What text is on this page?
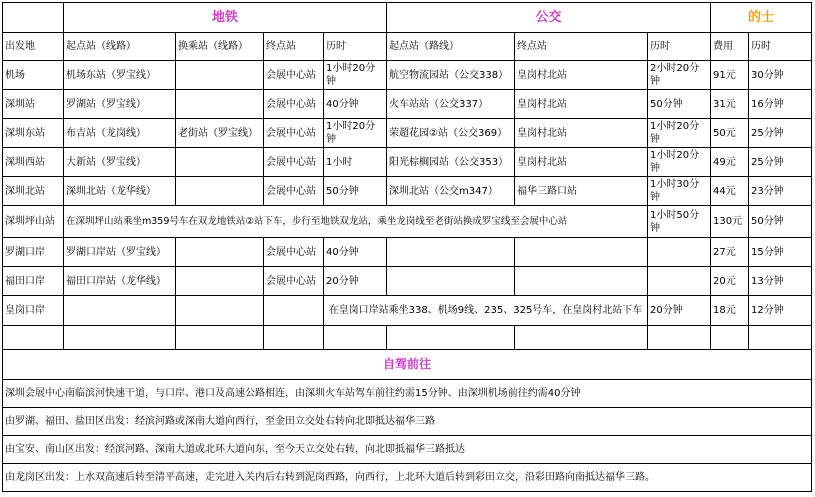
	地铁				公交			的士	
出发地	起点站（线路）	换乘站（线路）	终点站	历时	起点站（路线）	终点站	历时	费用	历时
机场	机场东站（罗宝线）		会展中心站	1小时20分钟	航空物流园站（公交338）	皇岗村北站	2小时20分钟	91元	30分钟
深圳站	罗湖站（罗宝线）		会展中心站	40分钟	火车站站（公交337）	皇岗村北站	50分钟	31元	16分钟
深圳东站	布吉站（龙岗线）	老街站（罗宝线）	会展中心站	1小时20分钟	荣超花园②站（公交369）	皇岗村北站	1小时20分钟	50元	25分钟
深圳西站	大新站（罗宝线）		会展中心站	1小时	阳光棕榈园站（公交353）	皇岗村北站	1小时20分钟	49元	25分钟
深圳北站	深圳北站（龙华线）		会展中心站	50分钟	深圳北站（公交m347）	福华三路口站	1小时30分钟	44元	23分钟
深圳坪山站	在深圳坪山站乘坐m359号车在双龙地铁站②站下车，步行至地铁双龙站，乘坐龙岗线至老街站换成罗宝线至会展中心站						1小时50分钟	130元	50分钟
罗湖口岸	罗湖口岸站（罗宝线）		会展中心站	40分钟				27元	15分钟
福田口岸	福田口岸站（龙华线）		会展中心站	20分钟				20元	13分钟
皇岗口岸				在皇岗口岸站乘坐338、机场9线、235、325号车，在皇岗村北站下车			20分钟	18元	12分钟

自驾前往									
深圳会展中心南临滨河快速干道，与口岸、港口及高速公路相连，由深圳火车站驾车前往约需15分钟、由深圳机场前往约需40分钟									
由罗湖、福田、盐田区出发：经滨河路或深南大道向西行，至金田立交处右转向北即抵达福华三路									
由宝安、南山区出发：经滨河路、深南大道或北环大道向东，至今天立交处右转，向北即抵福华三路抵达									
由龙岗区出发：上水双高速后转至清平高速，走完进入关内后右转到泥岗西路，向西行，上北环大道后转到彩田立交，沿彩田路向南抵达福华三路。									
